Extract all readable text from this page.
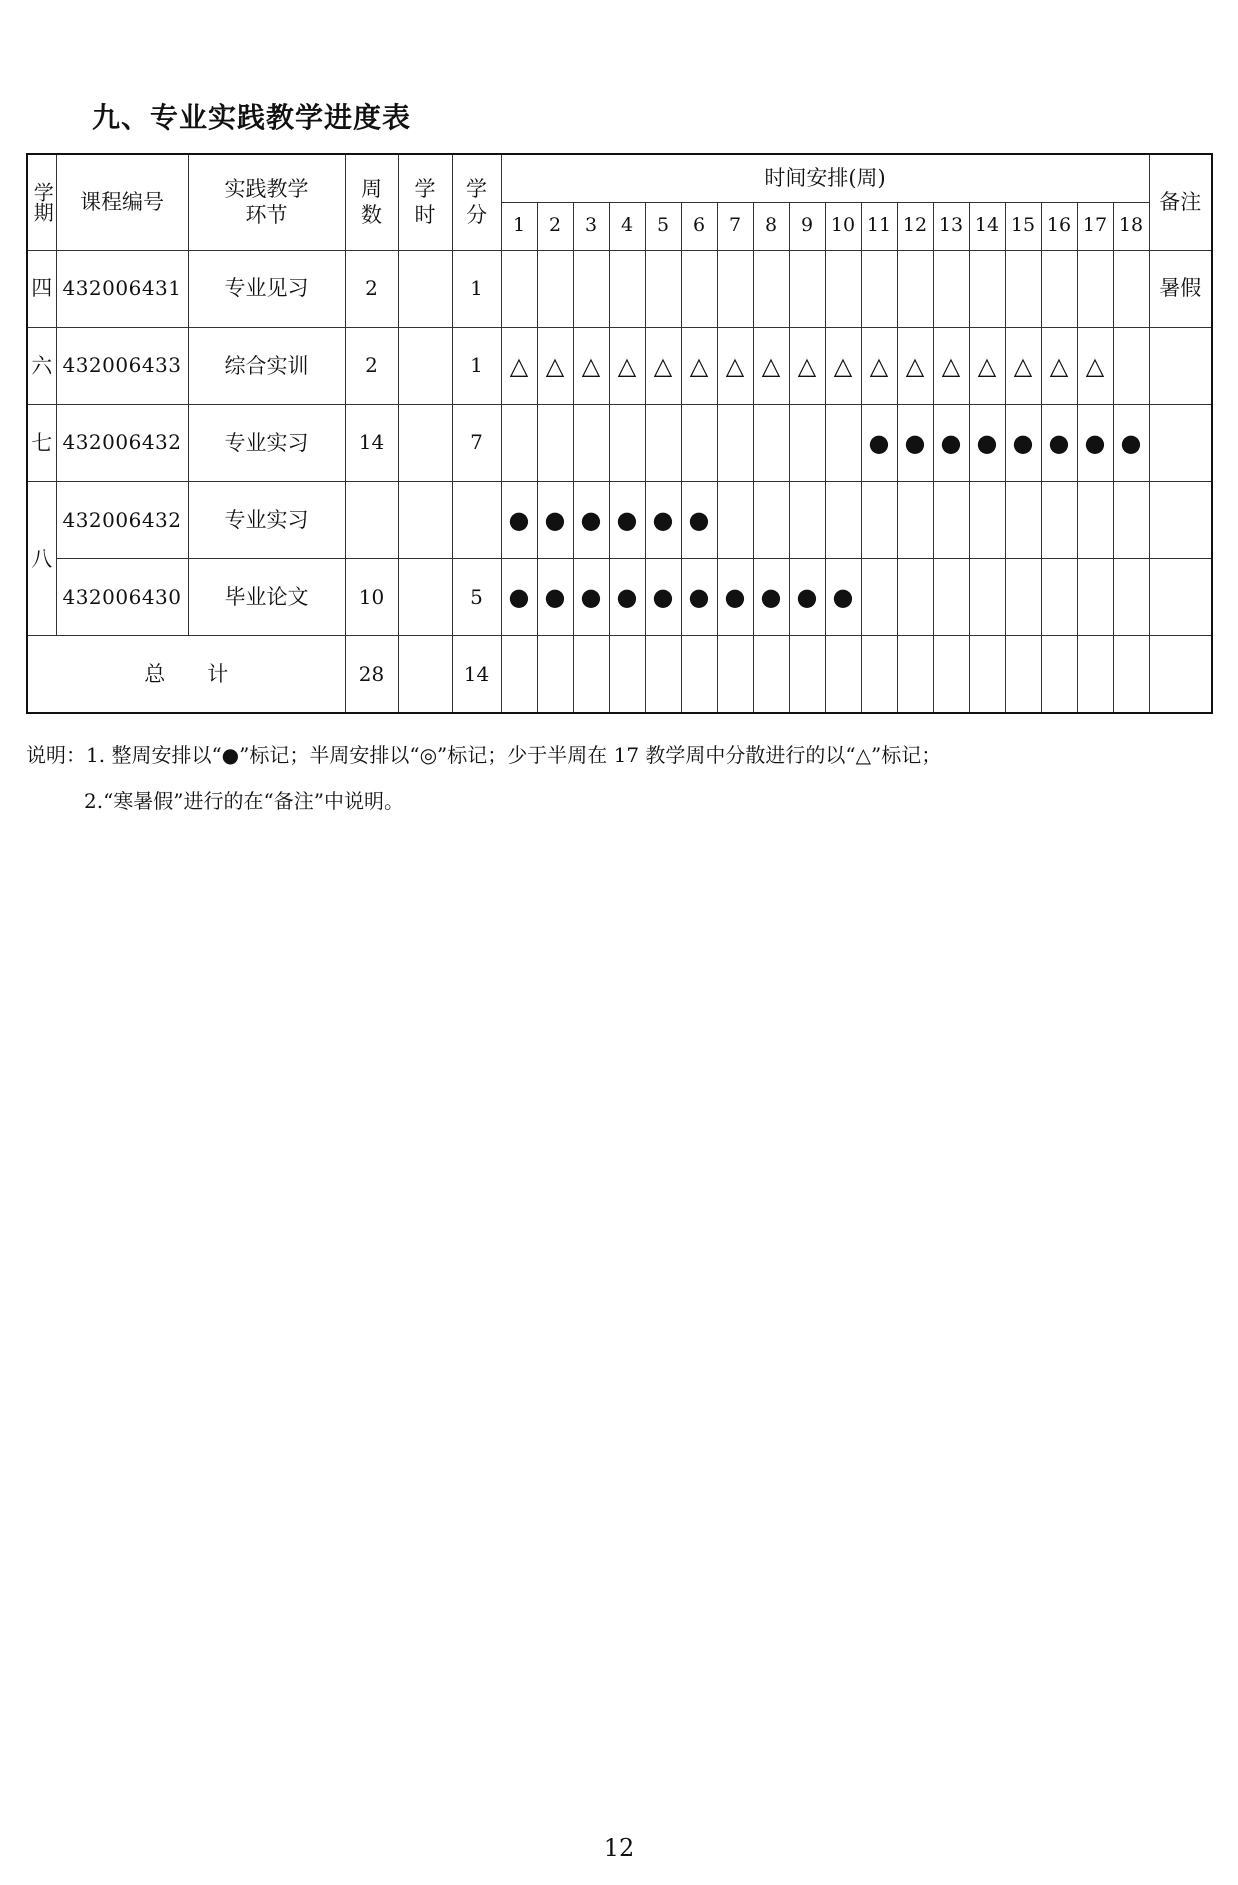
九、专业实践教学进度表
学期	课程编号	实践教学环节	周数	学时	学分	时间安排(周)																		备注
						1	2	3	4	5	6	7	8	9	10	11	12	13	14	15	16	17	18	
四	432006431	专业见习	2		1																			暑假
六	432006433	综合实训	2		1	△	△	△	△	△	△	△	△	△	△	△	△	△	△	△	△	△		
七	432006432	专业实习	14		7											●	●	●	●	●	●	●	●	
八	432006432	专业实习				●	●	●	●	●	●													
	432006430	毕业论文	10		5	●	●	●	●	●	●	●	●	●	●									
总　　计			28		14																			
说明：1. 整周安排以“●”标记；半周安排以“◎”标记；少于半周在 17 教学周中分散进行的以“△”标记；
2.“寒暑假”进行的在“备注”中说明。
12
